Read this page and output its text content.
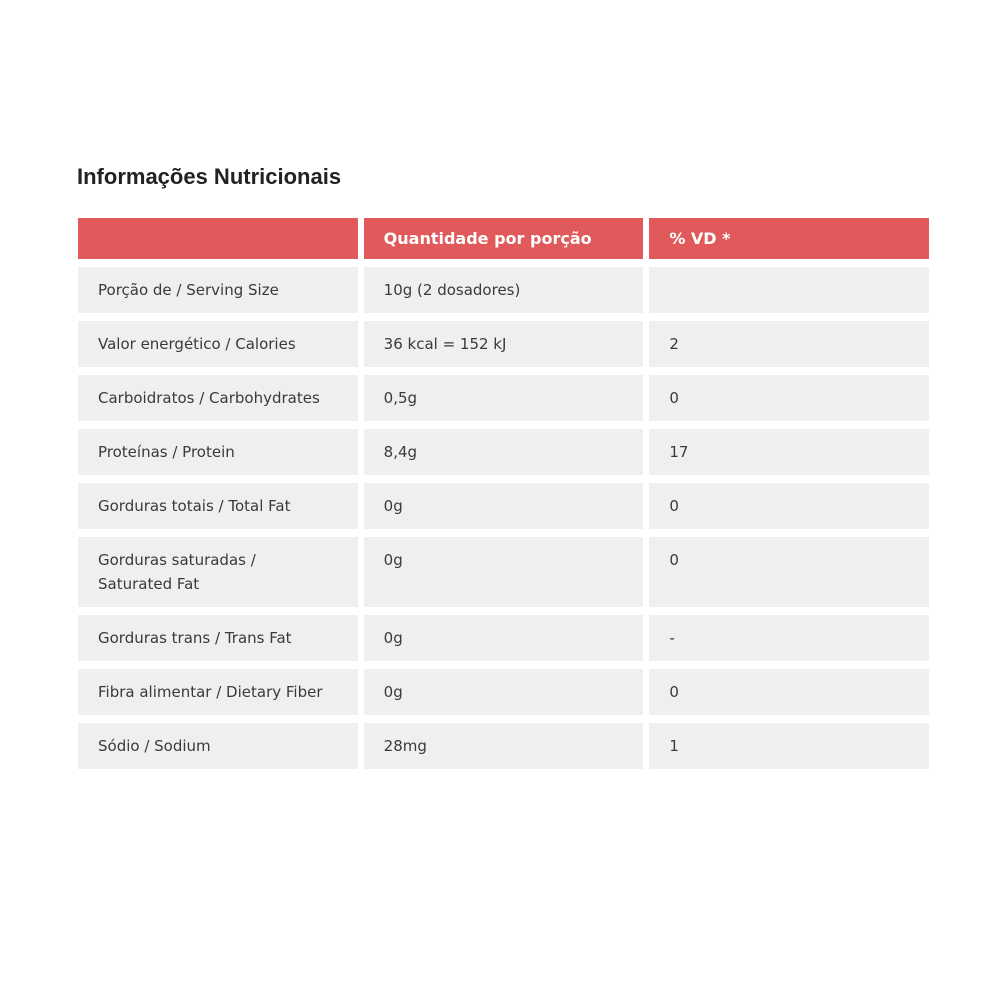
Informações Nutricionais
	Quantidade por porção	% VD *
Porção de / Serving Size	10g (2 dosadores)	
Valor energético / Calories	36 kcal = 152 kJ	2
Carboidratos / Carbohydrates	0,5g	0
Proteínas / Protein	8,4g	17
Gorduras totais / Total Fat	0g	0
Gorduras saturadas /
Saturated Fat	0g	0
Gorduras trans / Trans Fat	0g	-
Fibra alimentar / Dietary Fiber	0g	0
Sódio / Sodium	28mg	1
